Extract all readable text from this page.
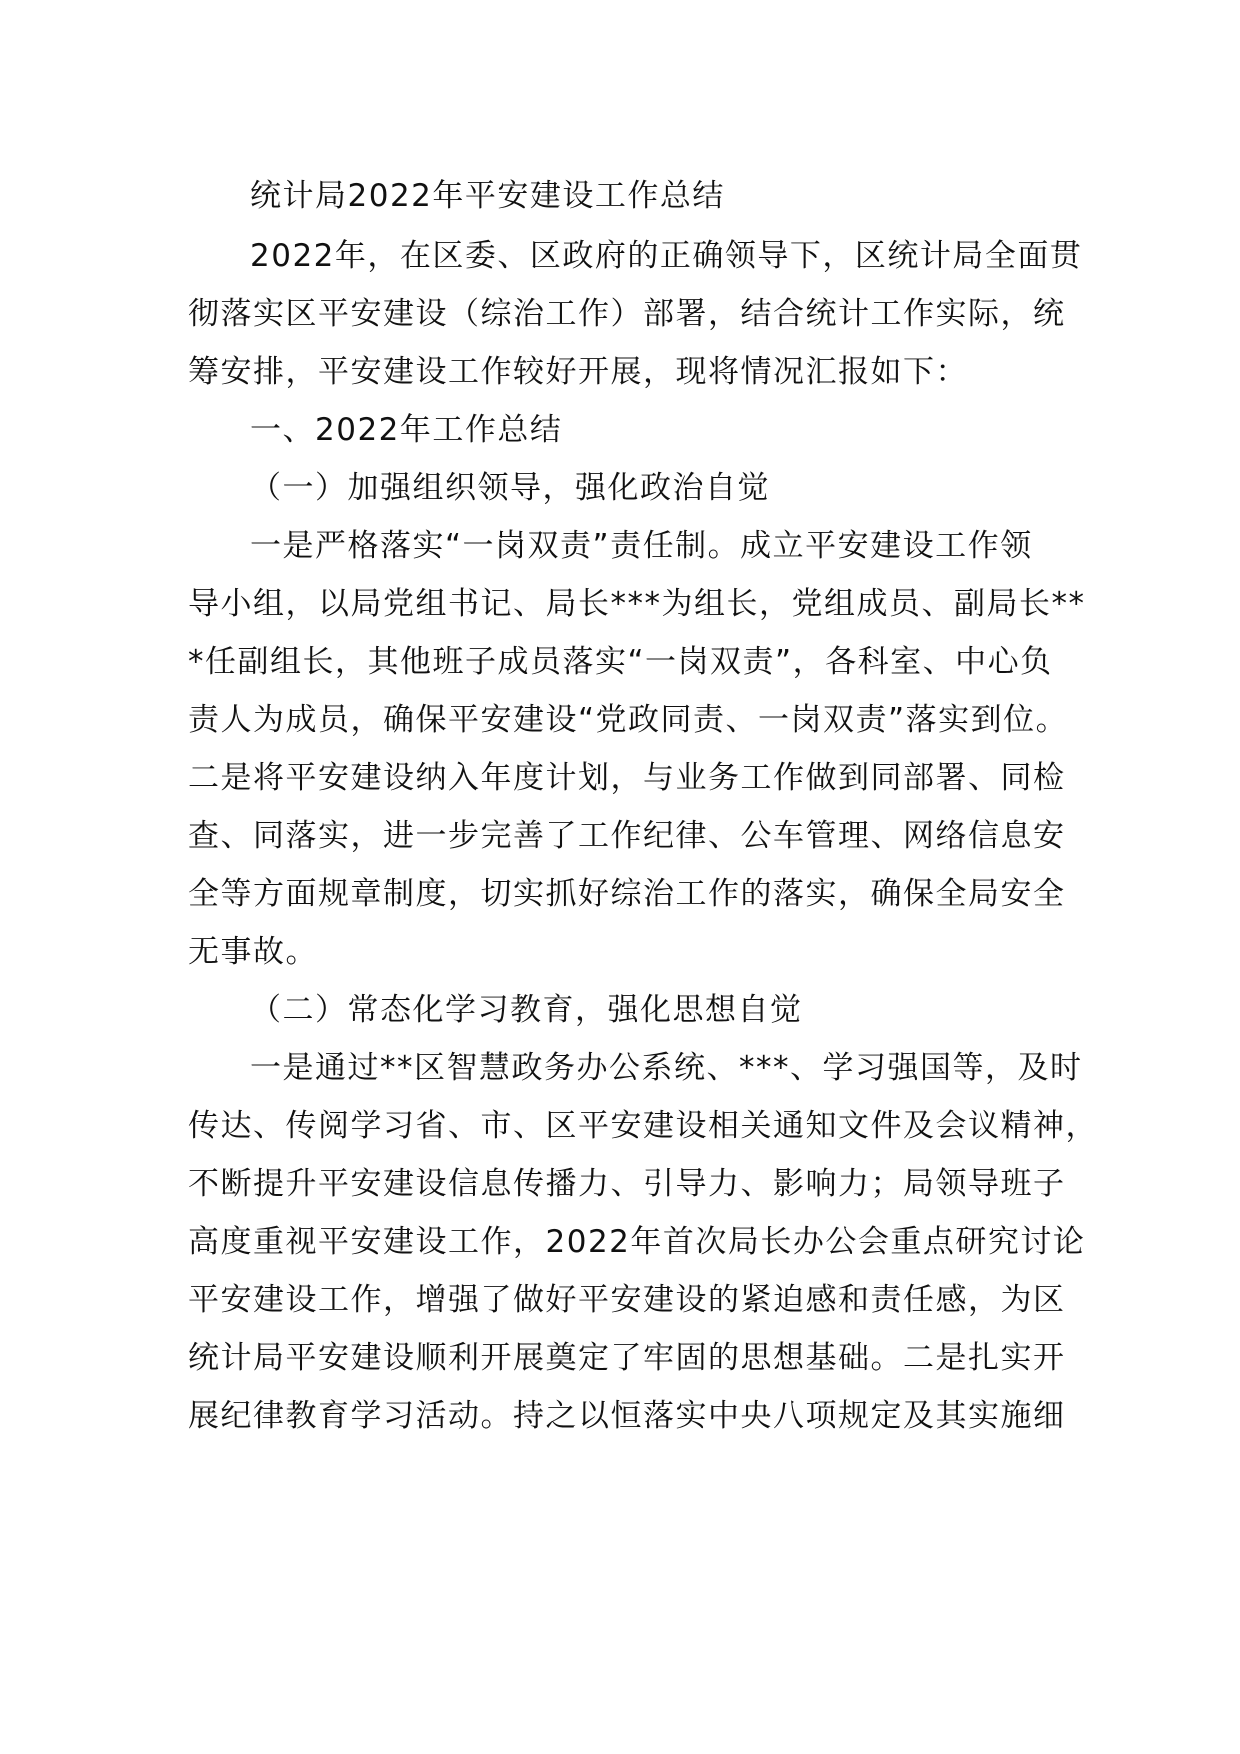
统计局2022年平安建设工作总结
2022年，在区委、区政府的正确领导下，区统计局全面贯
彻落实区平安建设（综治工作）部署，结合统计工作实际，统
筹安排，平安建设工作较好开展，现将情况汇报如下：
一、2022年工作总结
（一）加强组织领导，强化政治自觉
一是严格落实“一岗双责”责任制。成立平安建设工作领
导小组，以局党组书记、局长***为组长，党组成员、副局长**
*任副组长，其他班子成员落实“一岗双责”，各科室、中心负
责人为成员，确保平安建设“党政同责、一岗双责”落实到位。
二是将平安建设纳入年度计划，与业务工作做到同部署、同检
查、同落实，进一步完善了工作纪律、公车管理、网络信息安
全等方面规章制度，切实抓好综治工作的落实，确保全局安全
无事故。
（二）常态化学习教育，强化思想自觉
一是通过**区智慧政务办公系统、***、学习强国等，及时
传达、传阅学习省、市、区平安建设相关通知文件及会议精神，
不断提升平安建设信息传播力、引导力、影响力；局领导班子
高度重视平安建设工作，2022年首次局长办公会重点研究讨论
平安建设工作，增强了做好平安建设的紧迫感和责任感，为区
统计局平安建设顺利开展奠定了牢固的思想基础。二是扎实开
展纪律教育学习活动。持之以恒落实中央八项规定及其实施细
